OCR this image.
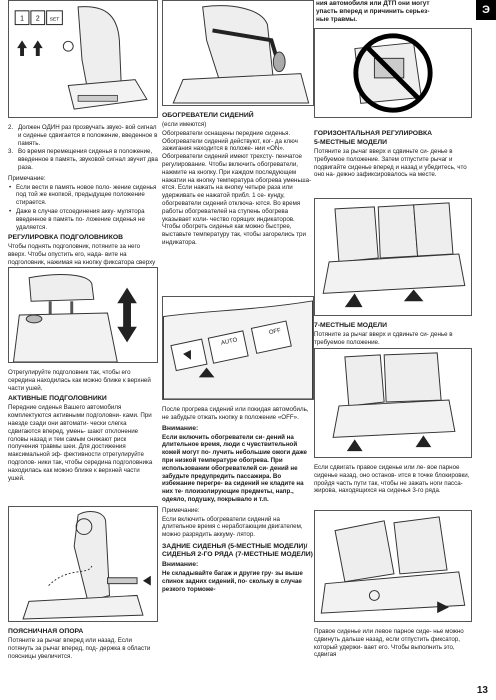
Э
ния автомобиля или ДТП они могут
упасть вперед и причинить серьез-
ные травмы.
1 2 SET

2. Должен ОДИН раз прозвучать звуко- вой сигнал и сиденье сдвигается в положение, введенное в память.

3. Во время перемещения сиденья в положение, введенное в память, звуковой сигнал звучит два раза.

Примечание:

• Если вести в память новое поло- жение сиденья под той же кнопкой, предыдущее положение стирается.

• Даже в случае отсоединения акку- мулятора введенное в память по- ложение сиденья не удаляется.

РЕГУЛИРОВКА ПОДГОЛОВНИКОВ

Чтобы поднять подголовник, потяните за него вверх. Чтобы опустить его, нада- вите на подголовник, нажимая на кнопку фиксатора сверху

Отрегулируйте подголовник так, чтобы его середина находилась как можно ближе к верхней части ушей.

АКТИВНЫЕ ПОДГОЛОВНИКИ

Передние сиденья Вашего автомобиля комплектуются активными подголовни- ками. При наезде сзади они автомати- чески слегка сдвигаются вперед, умень- шают отклонение головы назад и тем самым снижают риск получения травмы шеи. Для достижения максимальной эф- фективности отрегулируйте подголов- ники так, чтобы середина подголовника находилась как можно ближе к верхней части ушей.

ПОЯСНИЧНАЯ ОПОРА

Потяните за рычаг вперед или назад. Если потянуть за рычаг вперед, под- держка в области поясницы увеличится.

ОБОГРЕВАТЕЛИ СИДЕНИЙ

(если имеются)

Обогреватели оснащены передние сиденья. Обогреватели сидений действуют, ког- да ключ зажигания находится в положе- нии «ON». Обогреватели сидений имеют трехсту- пенчатое регулирование. Чтобы включить обогреватели, нажмите на кнопку. При каждом последующем нажатии на кнопку температура обогрева уменьша- ется. Если нажать на кнопку четыре раза или удерживать ее нажатой прибл. 1 се- кунду, обогреватели сидений отключа- ются. Во время работы обогревателей на ступень обогрева указывает коли- чество горящих индикаторов. Чтобы обогреть сиденья как можно быстрее, выставьте температуру так, чтобы загорелись три индикатора.

AUTO
OFF

После прогрева сидений или покидая автомобиль, не забудьте отжать кнопку в положение «OFF».

Внимание:

Если включить обогреватели си- дений на длительное время, люди с чувствительной кожей могут по- лучить небольшие ожоги даже при низкой температуре обогрева. При использовании обогревателей си- дений не забудьте предупредить пассажира. Во избежание перегре- ва сидений не кладите на них те- плоизолирующие предметы, напр., одеяло, подушку, покрывало и т.п.

Примечание:

Если включить обогреватели сидений на длительное время с неработающим двигателем, можно разрядить аккуму- лятор.

ЗАДНИЕ СИДЕНЬЯ (5-МЕСТНЫЕ МОДЕЛИ)/СИДЕНЬЯ 2-ГО РЯДА (7-МЕСТНЫЕ МОДЕЛИ)

Внимание:

Не складывайте багаж и другие гру- зы выше спинок задних сидений, по- скольку в случае резкого торможе-

ГОРИЗОНТАЛЬНАЯ РЕГУЛИРОВКА

5-МЕСТНЫЕ МОДЕЛИ

Потяните за рычаг вверх и сдвиньте си- денье в требуемое положение. Затем отпустите рычаг и подвигайте сиденье вперед и назад и убедитесь, что оно на- дежно зафиксировалось на месте.

7-МЕСТНЫЕ МОДЕЛИ

Потяните за рычаг вверх и сдвиньте си- денье в требуемое положение.

Если сдвигать правое сиденье или ле- вое парное сиденье назад, оно останов- ится в точке блокировки, пройдя часть пути так, чтобы не зажать ноги пасса- жирова, находящихся на сиденья 3-го ряда.

Правое сиденье или левое парное сиде- нье можно сдвинуть дальше назад, если отпустить фиксатор, который удержи- вает его. Чтобы выполнить это, сдвигая

13
